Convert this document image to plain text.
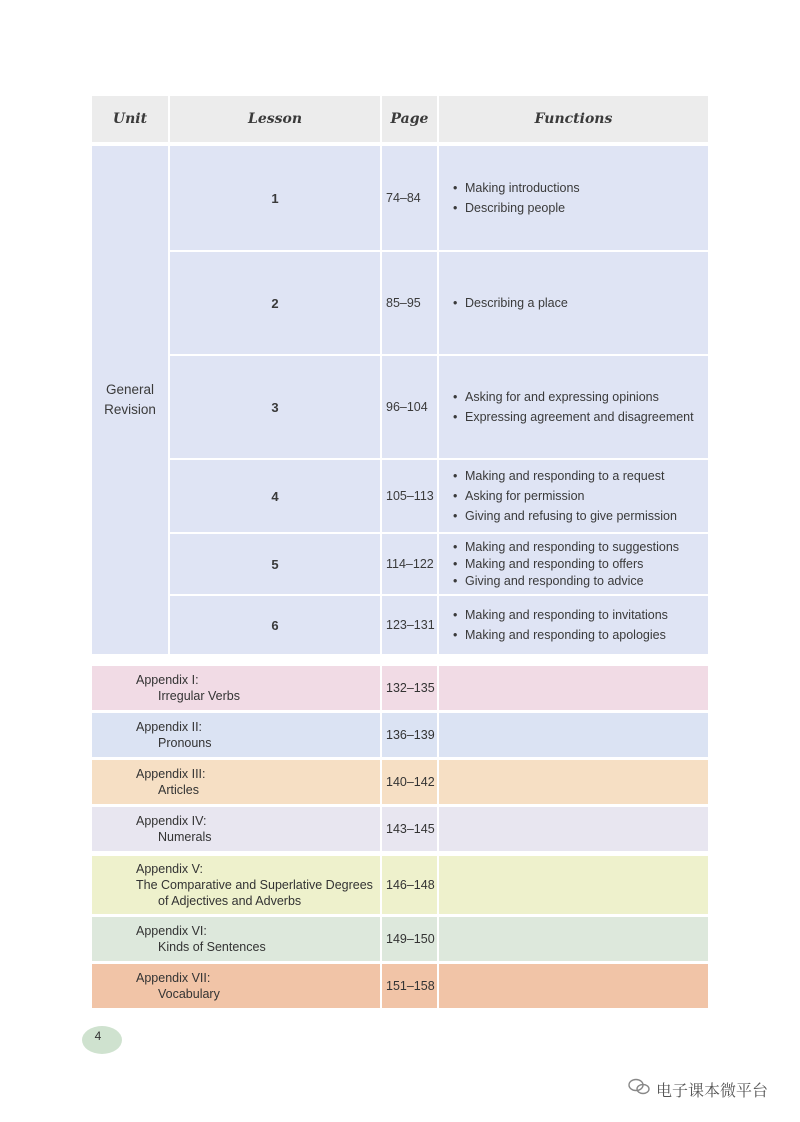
Unit	Lesson	Page	Functions
General
Revision
1	74–84
• Making introductions
• Describing people
2	85–95
•	Describing a place
3	96–104
• Asking for and expressing opinions
• Expressing agreement and disagreement
4	105–113
• Making and responding to a request
• Asking for permission
• Giving and refusing to give permission
5	114–122
• Making and responding to suggestions
• Making and responding to offers
• Giving and responding to advice
6	123–131
• Making and responding to invitations
• Making and responding to apologies
Appendix I:
Irregular Verbs
132–135
Appendix II:
Pronouns
136–139
Appendix III:
Articles
140–142
Appendix IV:
Numerals
143–145
Appendix V:
The Comparative and Superlative Degrees
of Adjectives and Adverbs
146–148
Appendix VI:
Kinds of Sentences
149–150
Appendix VII:
Vocabulary
151–158
4
电子课本微平台
